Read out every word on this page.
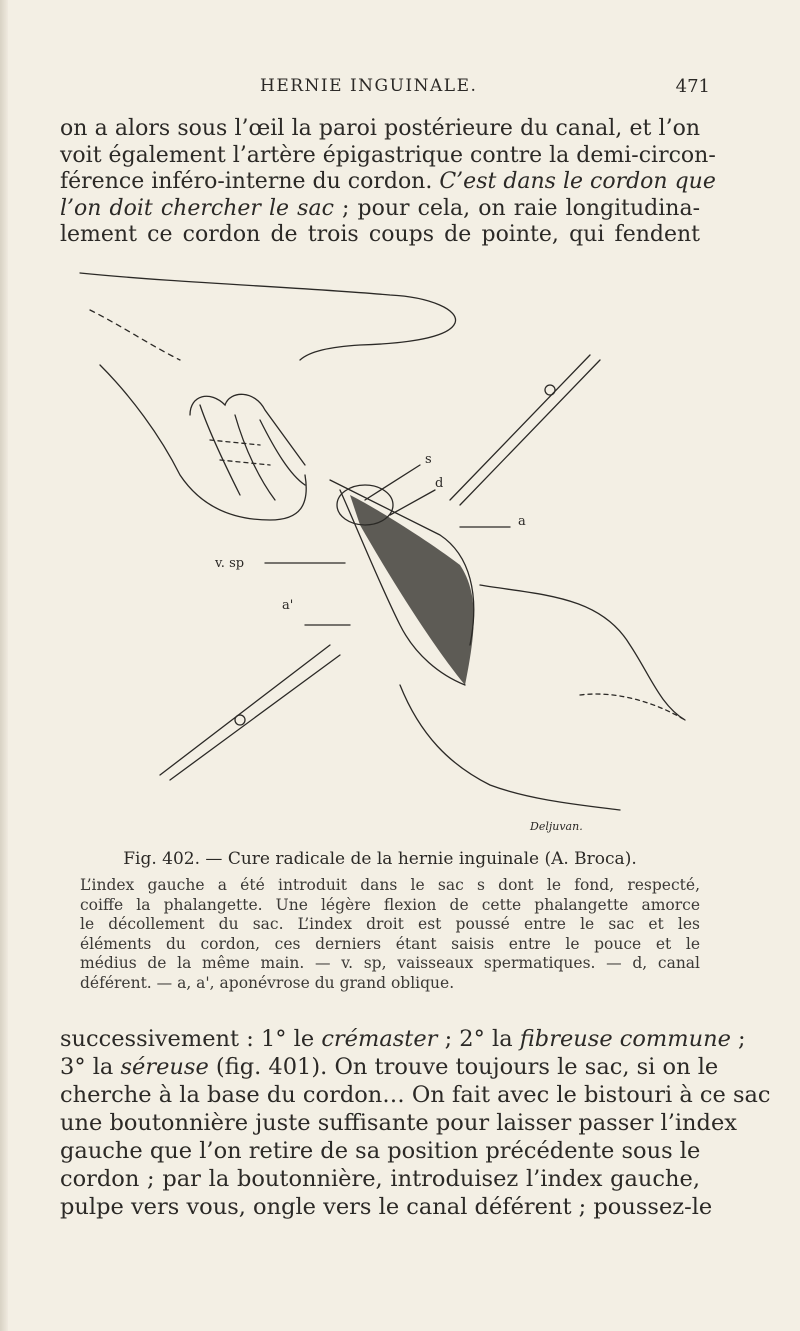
HERNIE INGUINALE.	471
on a alors sous l’œil la paroi postérieure du canal, et l’on
voit également l’artère épigastrique contre la demi-circon-
férence inféro-interne du cordon. C’est dans le cordon que
l’on doit chercher le sac ; pour cela, on raie longitudina-
lement ce cordon de trois coups de pointe, qui fendent
s
d
a
v. sp
a'
Deljuvan.
Fig. 402. — Cure radicale de la hernie inguinale (A. Broca).
L’index gauche a été introduit dans le sac s dont le fond, respecté,
coiffe la phalangette. Une légère flexion de cette phalangette amorce
le décollement du sac. L’index droit est poussé entre le sac et les
éléments du cordon, ces derniers étant saisis entre le pouce et le
médius de la même main. — v. sp, vaisseaux spermatiques. — d, canal
déférent. — a, a', aponévrose du grand oblique.
successivement : 1° le crémaster ; 2° la fibreuse commune ;
3° la séreuse (fig. 401). On trouve toujours le sac, si on le
cherche à la base du cordon… On fait avec le bistouri à ce sac
une boutonnière juste suffisante pour laisser passer l’index
gauche que l’on retire de sa position précédente sous le
cordon ; par la boutonnière, introduisez l’index gauche,
pulpe vers vous, ongle vers le canal déférent ; poussez-le
